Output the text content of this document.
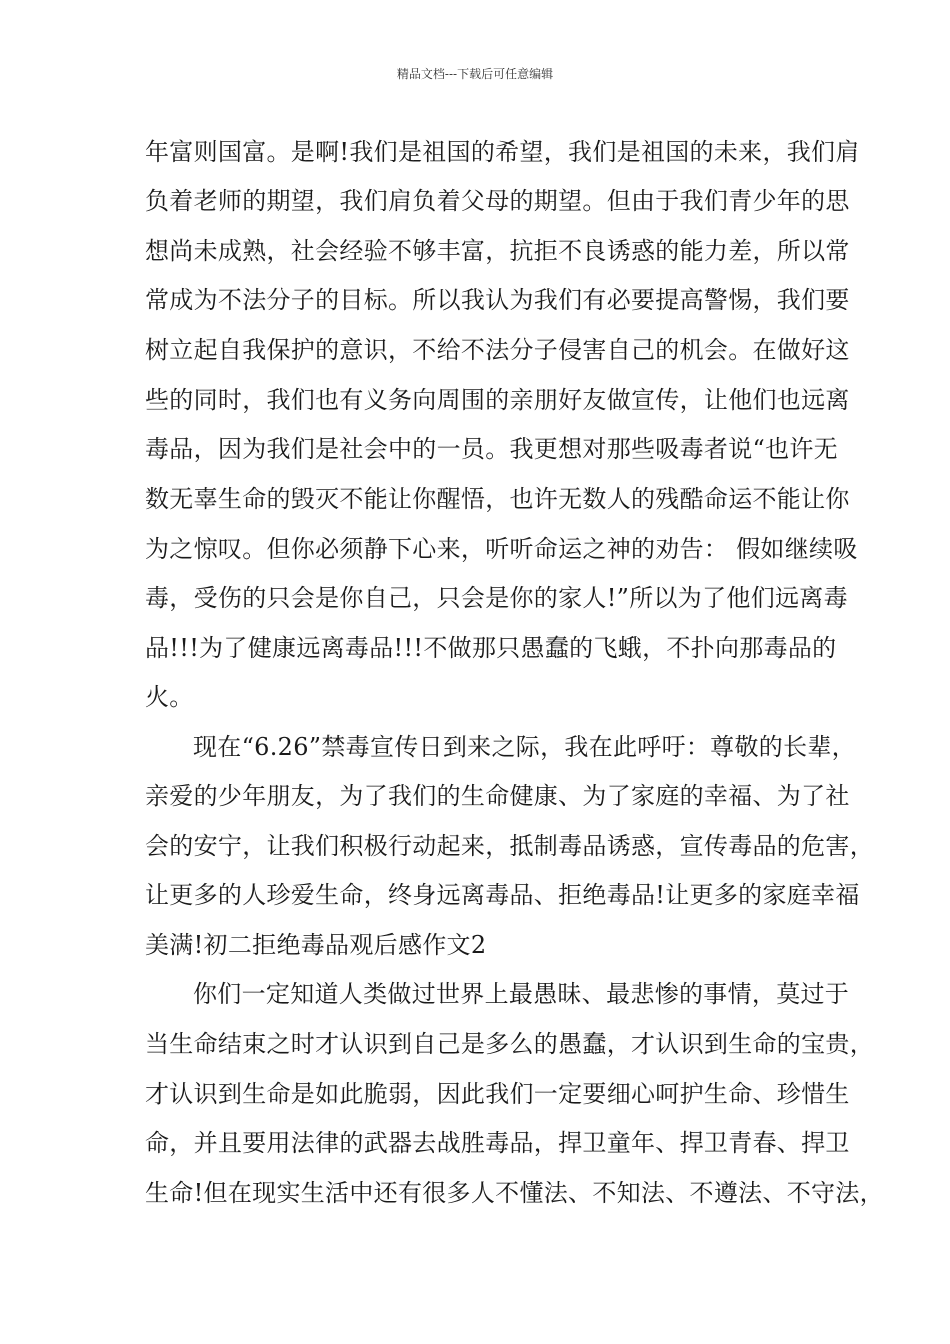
精品文档---下载后可任意编辑
年富则国富。是啊!我们是祖国的希望，我们是祖国的未来，我们肩
负着老师的期望，我们肩负着父母的期望。但由于我们青少年的思
想尚未成熟，社会经验不够丰富，抗拒不良诱惑的能力差，所以常
常成为不法分子的目标。所以我认为我们有必要提高警惕，我们要
树立起自我保护的意识，不给不法分子侵害自己的机会。在做好这
些的同时，我们也有义务向周围的亲朋好友做宣传，让他们也远离
毒品，因为我们是社会中的一员。我更想对那些吸毒者说“也许无
数无辜生命的毁灭不能让你醒悟，也许无数人的残酷命运不能让你
为之惊叹。但你必须静下心来，听听命运之神的劝告： 假如继续吸
毒，受伤的只会是你自己，只会是你的家人!”所以为了他们远离毒
品!!!为了健康远离毒品!!!不做那只愚蠢的飞蛾，不扑向那毒品的
火。
现在“6.26”禁毒宣传日到来之际，我在此呼吁：尊敬的长辈，
亲爱的少年朋友，为了我们的生命健康、为了家庭的幸福、为了社
会的安宁，让我们积极行动起来，抵制毒品诱惑，宣传毒品的危害，
让更多的人珍爱生命，终身远离毒品、拒绝毒品!让更多的家庭幸福
美满!初二拒绝毒品观后感作文2
你们一定知道人类做过世界上最愚昧、最悲惨的事情，莫过于
当生命结束之时才认识到自己是多么的愚蠢，才认识到生命的宝贵，
才认识到生命是如此脆弱，因此我们一定要细心呵护生命、珍惜生
命，并且要用法律的武器去战胜毒品，捍卫童年、捍卫青春、捍卫
生命!但在现实生活中还有很多人不懂法、不知法、不遵法、不守法，
